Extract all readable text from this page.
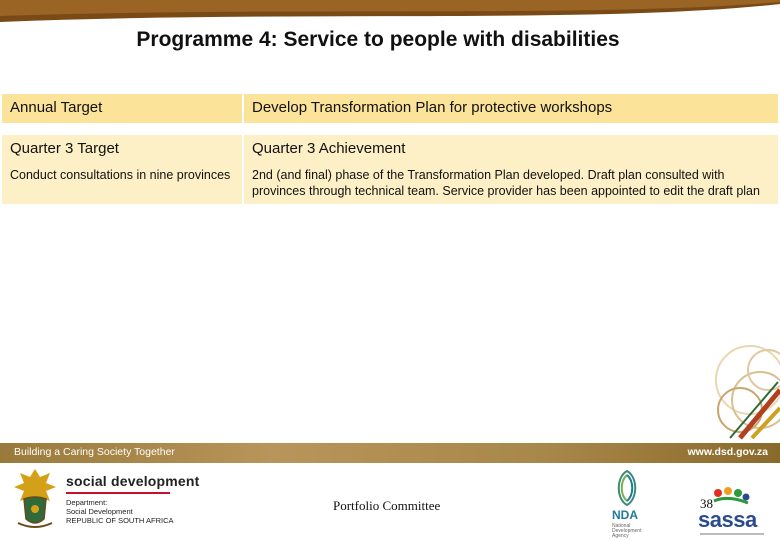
Programme 4: Service to people with disabilities
Annual Target	Develop Transformation Plan for protective workshops

Quarter 3 Target	Quarter 3 Achievement
Conduct consultations in nine provinces	2nd (and final) phase of the Transformation Plan developed. Draft plan consulted with provinces through technical team. Service provider has been appointed to edit the draft plan
Building a Caring Society Together	www.dsd.gov.za
social development
Department:
Social Development
REPUBLIC OF SOUTH AFRICA
Portfolio Committee
NDA
National Development Agency
sassa
38
